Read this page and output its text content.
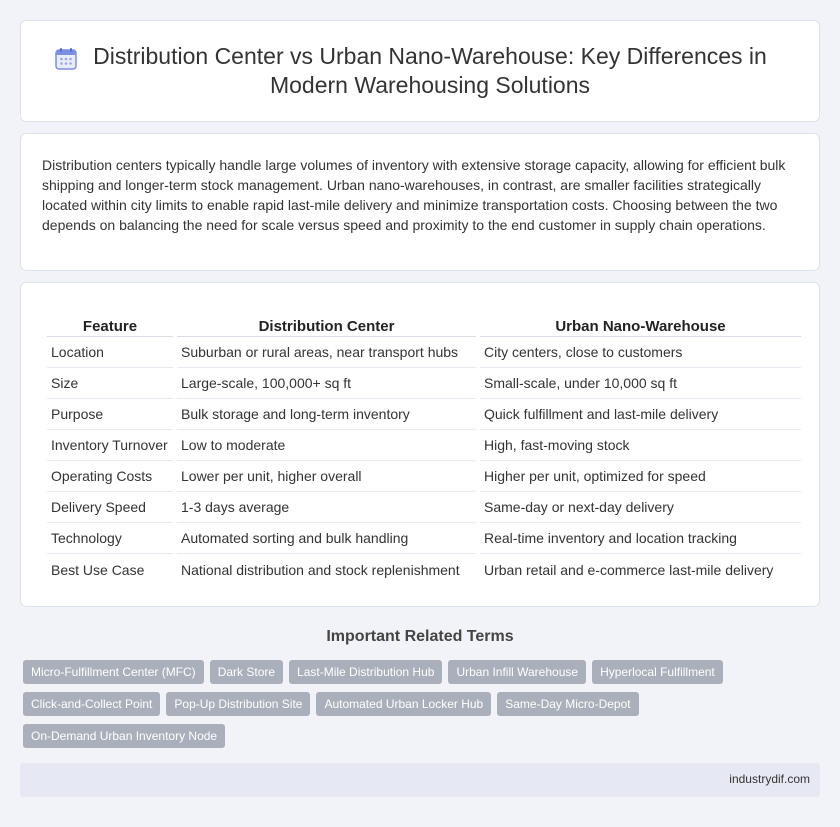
Distribution Center vs Urban Nano-Warehouse: Key Differences in Modern Warehousing Solutions

Distribution centers typically handle large volumes of inventory with extensive storage capacity, allowing for efficient bulk shipping and longer-term stock management. Urban nano-warehouses, in contrast, are smaller facilities strategically located within city limits to enable rapid last-mile delivery and minimize transportation costs. Choosing between the two depends on balancing the need for scale versus speed and proximity to the end customer in supply chain operations.

Feature	Distribution Center	Urban Nano-Warehouse
Location	Suburban or rural areas, near transport hubs	City centers, close to customers
Size	Large-scale, 100,000+ sq ft	Small-scale, under 10,000 sq ft
Purpose	Bulk storage and long-term inventory	Quick fulfillment and last-mile delivery
Inventory Turnover	Low to moderate	High, fast-moving stock
Operating Costs	Lower per unit, higher overall	Higher per unit, optimized for speed
Delivery Speed	1-3 days average	Same-day or next-day delivery
Technology	Automated sorting and bulk handling	Real-time inventory and location tracking
Best Use Case	National distribution and stock replenishment	Urban retail and e-commerce last-mile delivery
Important Related Terms
Micro-Fulfillment Center (MFC)	Dark Store	Last-Mile Distribution Hub	Urban Infill Warehouse	Hyperlocal Fulfillment
Click-and-Collect Point	Pop-Up Distribution Site	Automated Urban Locker Hub	Same-Day Micro-Depot
On-Demand Urban Inventory Node
industrydif.com
